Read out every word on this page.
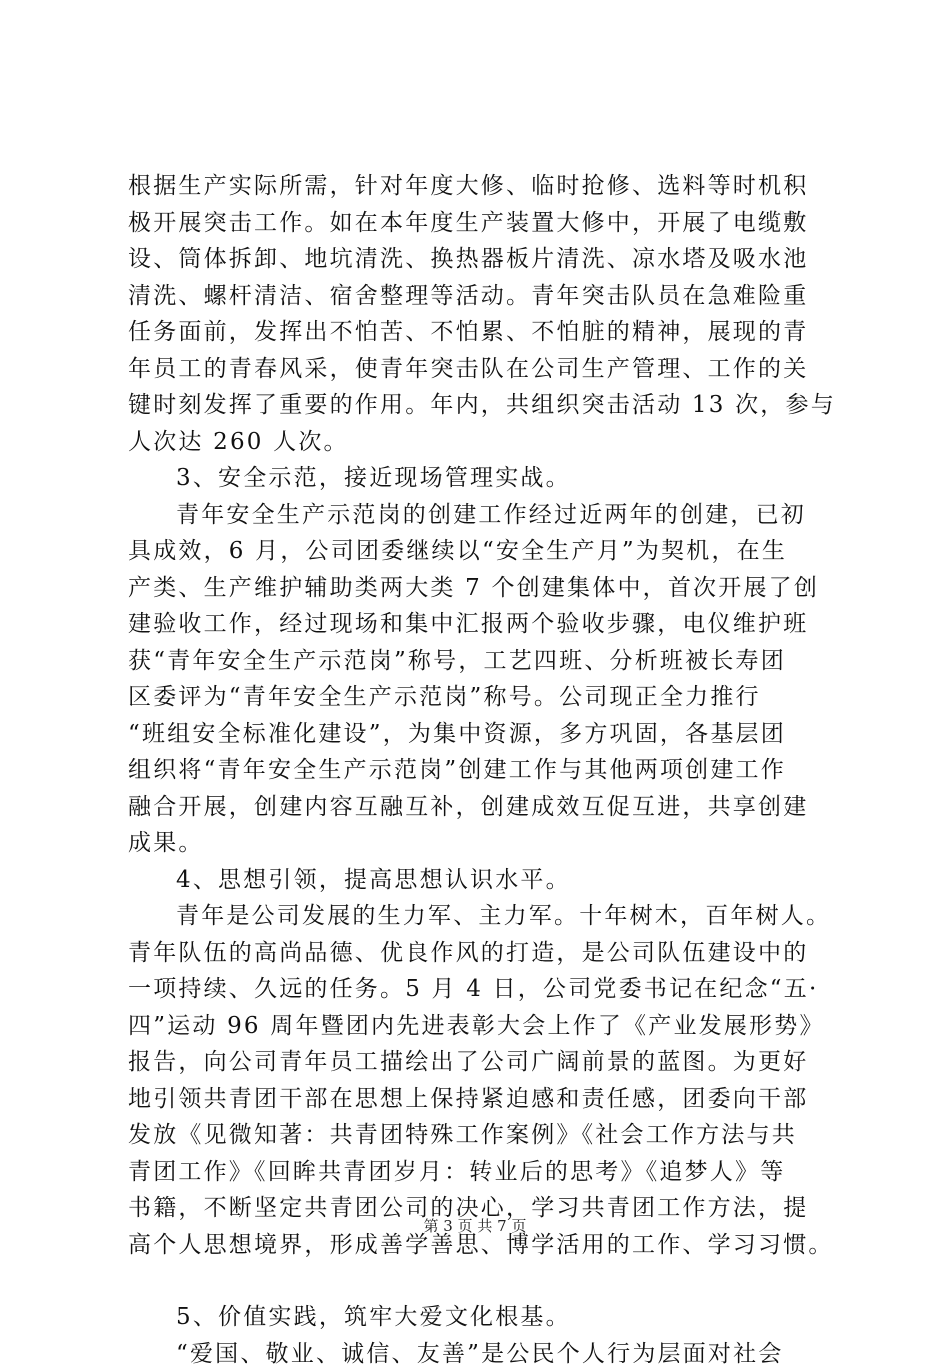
根据生产实际所需，针对年度大修、临时抢修、选料等时机积
极开展突击工作。如在本年度生产装置大修中，开展了电缆敷
设、筒体拆卸、地坑清洗、换热器板片清洗、凉水塔及吸水池
清洗、螺杆清洁、宿舍整理等活动。青年突击队员在急难险重
任务面前，发挥出不怕苦、不怕累、不怕脏的精神，展现的青
年员工的青春风采，使青年突击队在公司生产管理、工作的关
键时刻发挥了重要的作用。年内，共组织突击活动 13 次，参与
人次达 260 人次。
3、安全示范，接近现场管理实战。
青年安全生产示范岗的创建工作经过近两年的创建，已初
具成效，6 月，公司团委继续以“安全生产月”为契机，在生
产类、生产维护辅助类两大类 7 个创建集体中，首次开展了创
建验收工作，经过现场和集中汇报两个验收步骤，电仪维护班
获“青年安全生产示范岗”称号，工艺四班、分析班被长寿团
区委评为“青年安全生产示范岗”称号。公司现正全力推行
“班组安全标准化建设”，为集中资源，多方巩固，各基层团
组织将“青年安全生产示范岗”创建工作与其他两项创建工作
融合开展，创建内容互融互补，创建成效互促互进，共享创建
成果。
4、思想引领，提高思想认识水平。
青年是公司发展的生力军、主力军。十年树木，百年树人。
青年队伍的高尚品德、优良作风的打造，是公司队伍建设中的
一项持续、久远的任务。5 月 4 日，公司党委书记在纪念“五·
四”运动 96 周年暨团内先进表彰大会上作了《产业发展形势》
报告，向公司青年员工描绘出了公司广阔前景的蓝图。为更好
地引领共青团干部在思想上保持紧迫感和责任感，团委向干部
发放《见微知著：共青团特殊工作案例》《社会工作方法与共
青团工作》《回眸共青团岁月：转业后的思考》《追梦人》等
书籍，不断坚定共青团公司的决心，学习共青团工作方法，提
高个人思想境界，形成善学善思、博学活用的工作、学习习惯。
5、价值实践，筑牢大爱文化根基。
“爱国、敬业、诚信、友善”是公民个人行为层面对社会
第 3 页 共 7 页
